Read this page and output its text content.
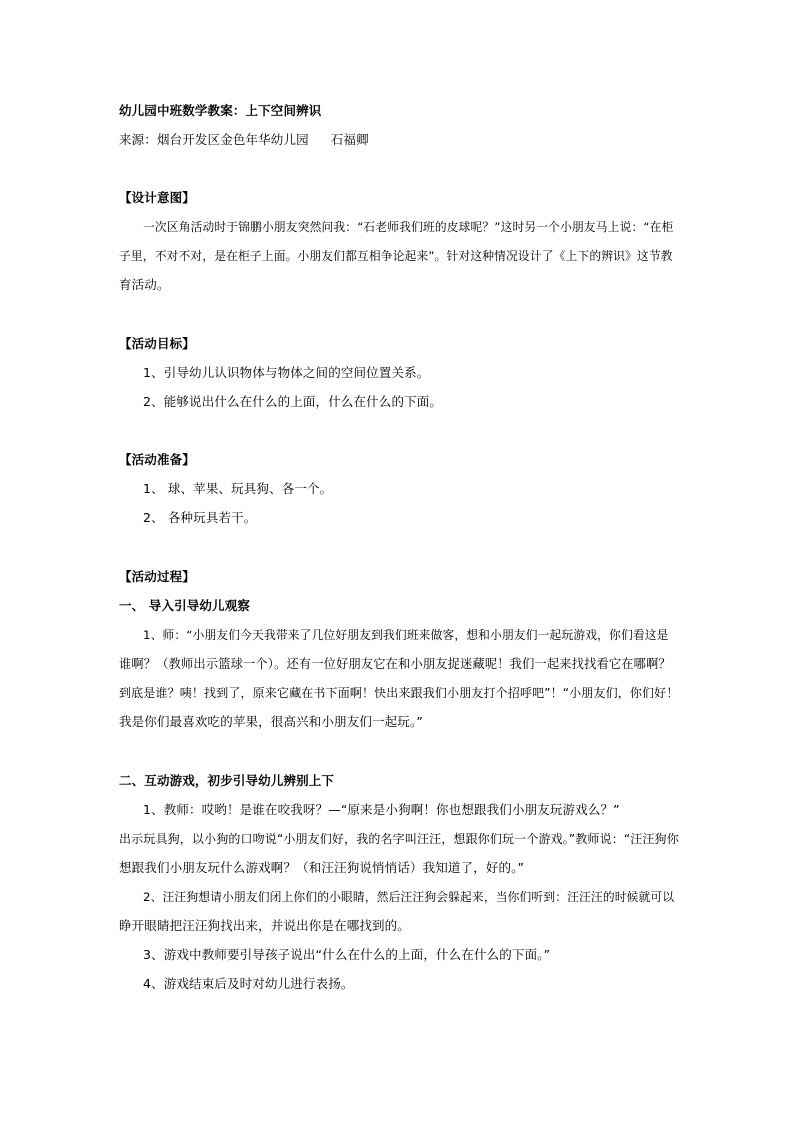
幼儿园中班数学教案：上下空间辨识
来源：烟台开发区金色年华幼儿园 石福卿
【设计意图】
一次区角活动时于锦鹏小朋友突然问我：“石老师我们班的皮球呢？”这时另一个小朋友马上说：“在柜
子里，不对不对，是在柜子上面。小朋友们都互相争论起来”。针对这种情况设计了《上下的辨识》这节教
育活动。
【活动目标】
1、引导幼儿认识物体与物体之间的空间位置关系。
2、能够说出什么在什么的上面，什么在什么的下面。
【活动准备】
1、 球、苹果、玩具狗、各一个。
2、 各种玩具若干。
【活动过程】
一、 导入引导幼儿观察
1、师：“小朋友们今天我带来了几位好朋友到我们班来做客，想和小朋友们一起玩游戏，你们看这是
谁啊？（教师出示篮球一个）。还有一位好朋友它在和小朋友捉迷藏呢！我们一起来找找看它在哪啊？
到底是谁？咦！找到了，原来它藏在书下面啊！快出来跟我们小朋友打个招呼吧”！“小朋友们，你们好！
我是你们最喜欢吃的苹果，很高兴和小朋友们一起玩。”
二、互动游戏，初步引导幼儿辨别上下
1、教师：哎哟！是谁在咬我呀？—“原来是小狗啊！你也想跟我们小朋友玩游戏么？”
出示玩具狗，以小狗的口吻说“小朋友们好，我的名字叫汪汪，想跟你们玩一个游戏。”教师说：“汪汪狗你
想跟我们小朋友玩什么游戏啊？（和汪汪狗说悄悄话）我知道了，好的。”
2、汪汪狗想请小朋友们闭上你们的小眼睛，然后汪汪狗会躲起来，当你们听到：汪汪汪的时候就可以
睁开眼睛把汪汪狗找出来，并说出你是在哪找到的。
3、游戏中教师要引导孩子说出“什么在什么的上面，什么在什么的下面。”
4、游戏结束后及时对幼儿进行表扬。
